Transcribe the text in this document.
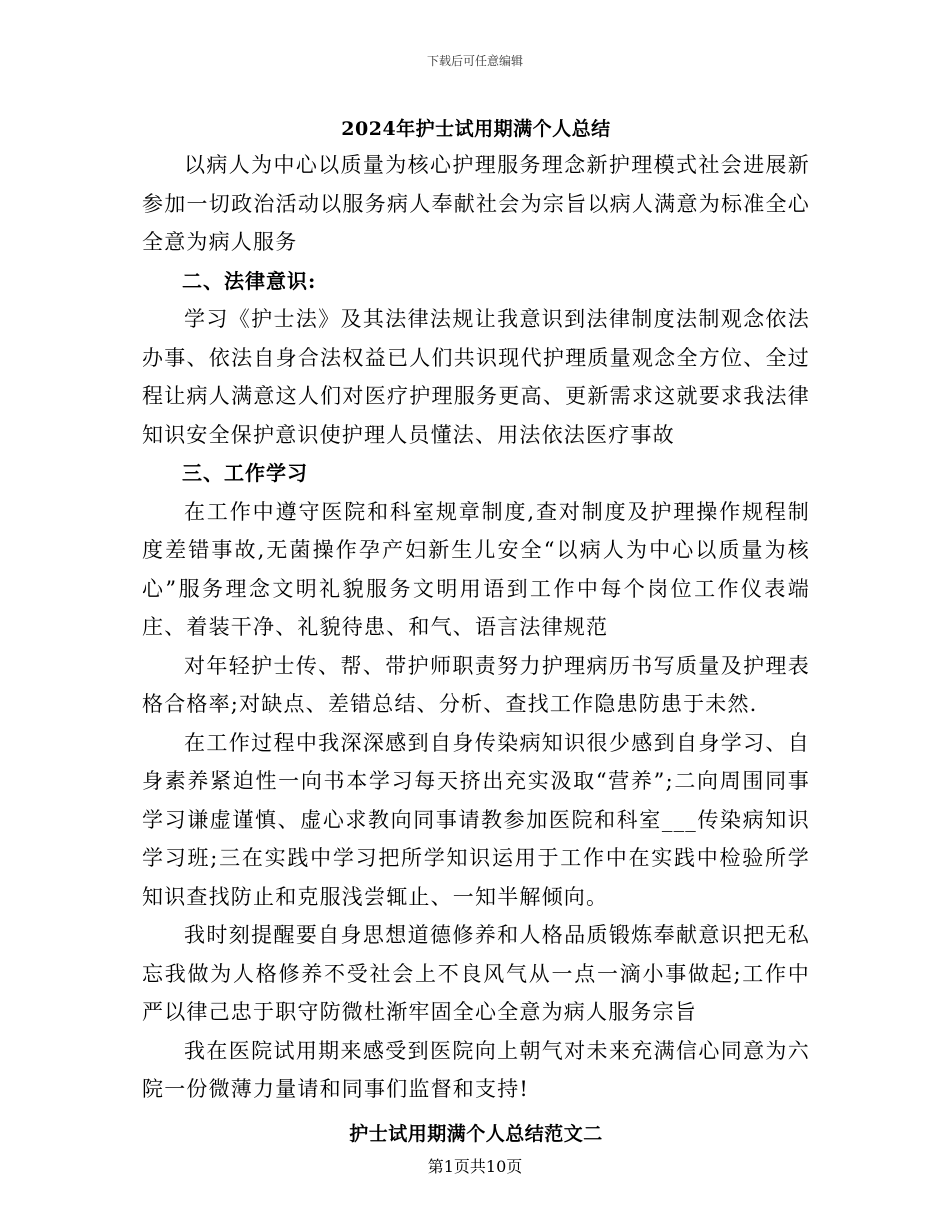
下载后可任意编辑
2024年护士试用期满个人总结

以病人为中心以质量为核心护理服务理念新护理模式社会进展新参加一切政治活动以服务病人奉献社会为宗旨以病人满意为标准全心全意为病人服务

二、法律意识:

学习《护士法》及其法律法规让我意识到法律制度法制观念依法办事、依法自身合法权益已人们共识现代护理质量观念全方位、全过程让病人满意这人们对医疗护理服务更高、更新需求这就要求我法律知识安全保护意识使护理人员懂法、用法依法医疗事故

三、工作学习

在工作中遵守医院和科室规章制度,查对制度及护理操作规程制度差错事故,无菌操作孕产妇新生儿安全“以病人为中心以质量为核心”服务理念文明礼貌服务文明用语到工作中每个岗位工作仪表端庄、着装干净、礼貌待患、和气、语言法律规范

对年轻护士传、帮、带护师职责努力护理病历书写质量及护理表格合格率;对缺点、差错总结、分析、查找工作隐患防患于未然.

在工作过程中我深深感到自身传染病知识很少感到自身学习、自身素养紧迫性一向书本学习每天挤出充实汲取“营养”;二向周围同事学习谦虚谨慎、虚心求教向同事请教参加医院和科室___传染病知识学习班;三在实践中学习把所学知识运用于工作中在实践中检验所学知识查找防止和克服浅尝辄止、一知半解倾向。

我时刻提醒要自身思想道德修养和人格品质锻炼奉献意识把无私忘我做为人格修养不受社会上不良风气从一点一滴小事做起;工作中严以律己忠于职守防微杜渐牢固全心全意为病人服务宗旨

我在医院试用期来感受到医院向上朝气对未来充满信心同意为六院一份微薄力量请和同事们监督和支持!

护士试用期满个人总结范文二
第1页共10页
